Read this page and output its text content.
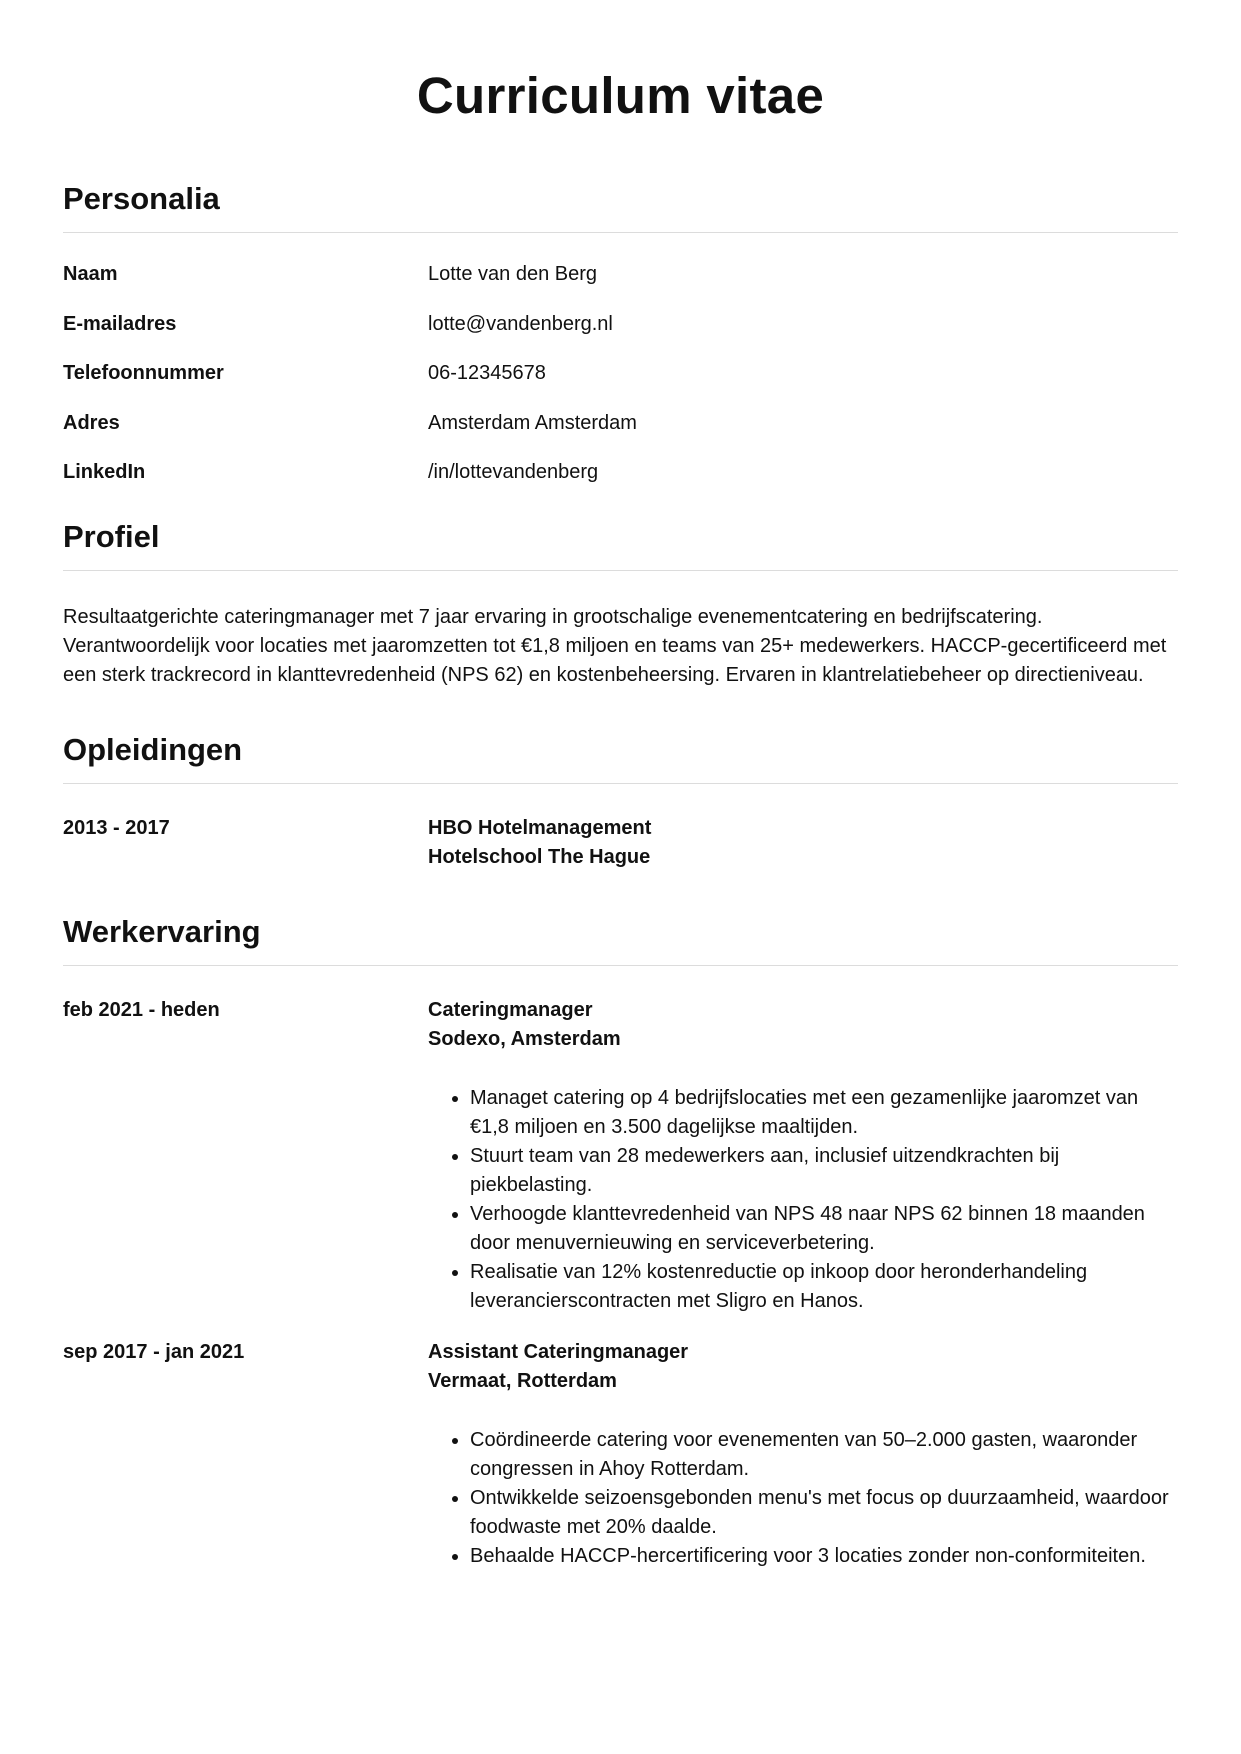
Curriculum vitae
Personalia
Naam	Lotte van den Berg
E-mailadres	lotte@vandenberg.nl
Telefoonnummer	06-12345678
Adres	Amsterdam Amsterdam
LinkedIn	/in/lottevandenberg
Profiel

Resultaatgerichte cateringmanager met 7 jaar ervaring in grootschalige evenementcatering en bedrijfscatering. Verantwoordelijk voor locaties met jaaromzetten tot €1,8 miljoen en teams van 25+ medewerkers. HACCP-gecertificeerd met een sterk trackrecord in klanttevredenheid (NPS 62) en kostenbeheersing. Ervaren in klantrelatiebeheer op directieniveau.

Opleidingen
2013 - 2017	HBO Hotelmanagement
Hotelschool The Hague
Werkervaring
feb 2021 - heden	Cateringmanager
Sodexo, Amsterdam
• Managet catering op 4 bedrijfslocaties met een gezamenlijke jaaromzet van €1,8 miljoen en 3.500 dagelijkse maaltijden.
• Stuurt team van 28 medewerkers aan, inclusief uitzendkrachten bij piekbelasting.
• Verhoogde klanttevredenheid van NPS 48 naar NPS 62 binnen 18 maanden door menuvernieuwing en serviceverbetering.
• Realisatie van 12% kostenreductie op inkoop door heronderhandeling leverancierscontracten met Sligro en Hanos.
sep 2017 - jan 2021	Assistant Cateringmanager
Vermaat, Rotterdam
• Coördineerde catering voor evenementen van 50–2.000 gasten, waaronder congressen in Ahoy Rotterdam.
• Ontwikkelde seizoensgebonden menu's met focus op duurzaamheid, waardoor foodwaste met 20% daalde.
• Behaalde HACCP-hercertificering voor 3 locaties zonder non-conformiteiten.
